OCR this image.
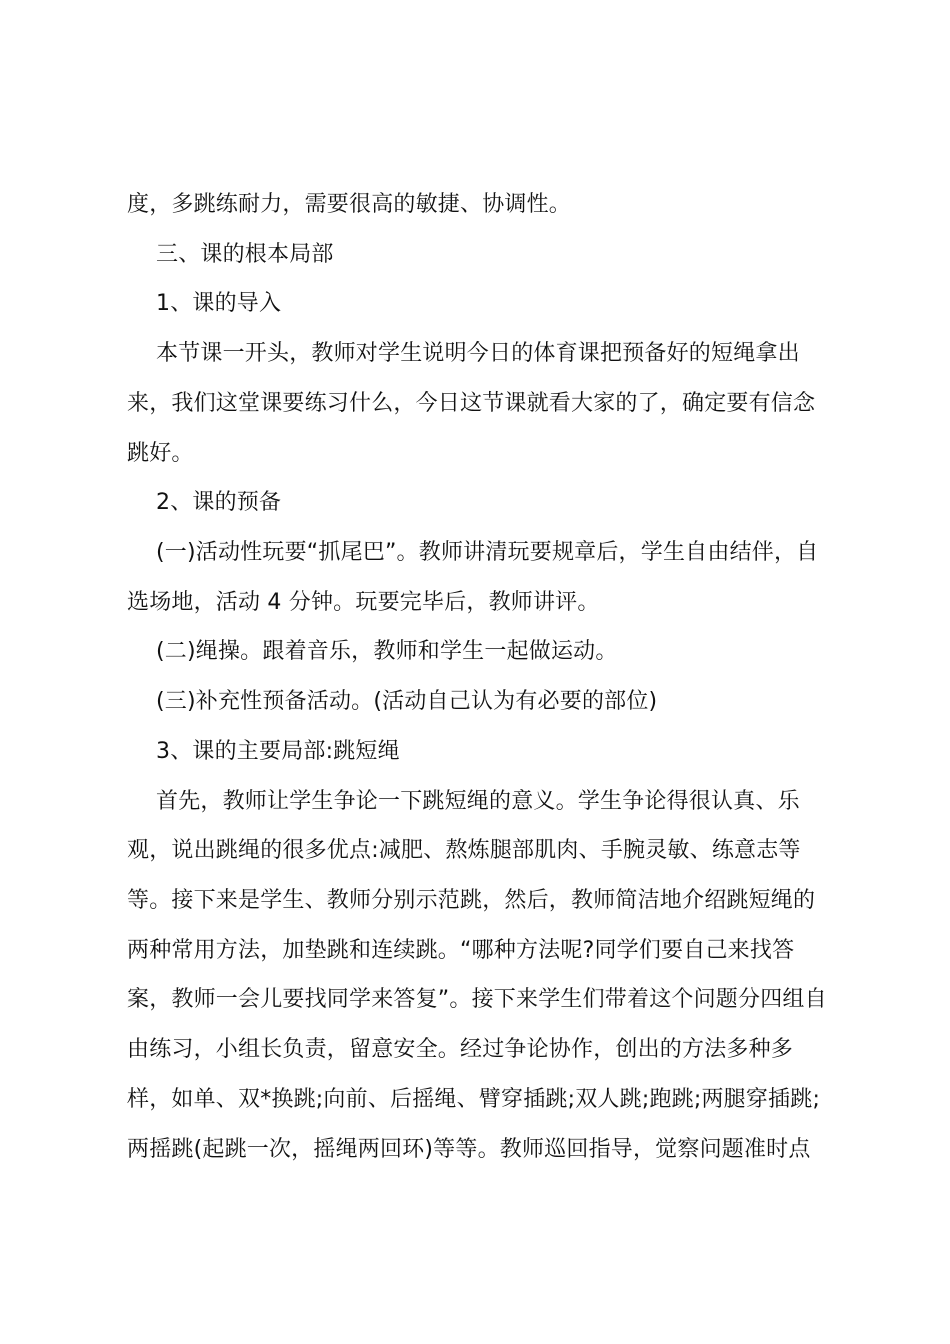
度，多跳练耐力，需要很高的敏捷、协调性。
三、课的根本局部
1、课的导入
本节课一开头，教师对学生说明今日的体育课把预备好的短绳拿出
来，我们这堂课要练习什么，今日这节课就看大家的了，确定要有信念
跳好。
2、课的预备
(一)活动性玩要“抓尾巴”。教师讲清玩要规章后，学生自由结伴，自
选场地，活动 4 分钟。玩要完毕后，教师讲评。
(二)绳操。跟着音乐，教师和学生一起做运动。
(三)补充性预备活动。(活动自己认为有必要的部位)
3、课的主要局部:跳短绳
首先，教师让学生争论一下跳短绳的意义。学生争论得很认真、乐
观，说出跳绳的很多优点:减肥、熬炼腿部肌肉、手腕灵敏、练意志等
等。接下来是学生、教师分别示范跳，然后，教师简洁地介绍跳短绳的
两种常用方法，加垫跳和连续跳。“哪种方法呢?同学们要自己来找答
案，教师一会儿要找同学来答复”。接下来学生们带着这个问题分四组自
由练习，小组长负责，留意安全。经过争论协作，创出的方法多种多
样，如单、双*换跳;向前、后摇绳、臂穿插跳;双人跳;跑跳;两腿穿插跳;
两摇跳(起跳一次，摇绳两回环)等等。教师巡回指导，觉察问题准时点
